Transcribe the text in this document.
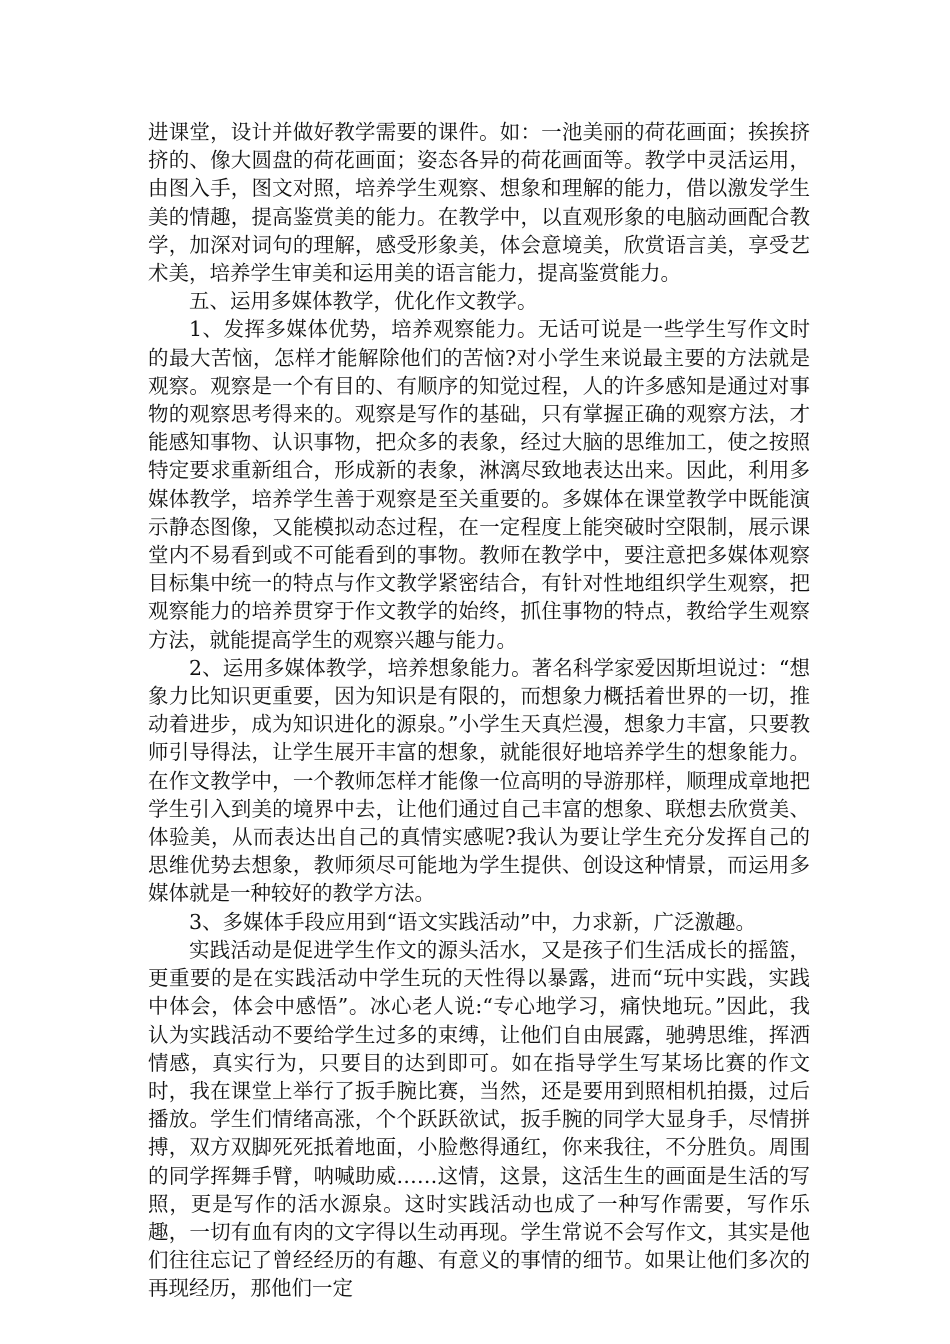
进课堂，设计并做好教学需要的课件。如：一池美丽的荷花画面；挨挨挤挤的、像大圆盘的荷花画面；姿态各异的荷花画面等。教学中灵活运用，由图入手，图文对照，培养学生观察、想象和理解的能力，借以激发学生美的情趣，提高鉴赏美的能力。在教学中，以直观形象的电脑动画配合教学，加深对词句的理解，感受形象美，体会意境美，欣赏语言美，享受艺术美，培养学生审美和运用美的语言能力，提高鉴赏能力。

五、运用多媒体教学，优化作文教学。

1、发挥多媒体优势，培养观察能力。无话可说是一些学生写作文时的最大苦恼，怎样才能解除他们的苦恼?对小学生来说最主要的方法就是观察。观察是一个有目的、有顺序的知觉过程，人的许多感知是通过对事物的观察思考得来的。观察是写作的基础，只有掌握正确的观察方法，才能感知事物、认识事物，把众多的表象，经过大脑的思维加工，使之按照特定要求重新组合，形成新的表象，淋漓尽致地表达出来。因此，利用多媒体教学，培养学生善于观察是至关重要的。多媒体在课堂教学中既能演示静态图像，又能模拟动态过程，在一定程度上能突破时空限制，展示课堂内不易看到或不可能看到的事物。教师在教学中，要注意把多媒体观察目标集中统一的特点与作文教学紧密结合，有针对性地组织学生观察，把观察能力的培养贯穿于作文教学的始终，抓住事物的特点，教给学生观察方法，就能提高学生的观察兴趣与能力。

2、运用多媒体教学，培养想象能力。著名科学家爱因斯坦说过：“想象力比知识更重要，因为知识是有限的，而想象力概括着世界的一切，推动着进步，成为知识进化的源泉。”小学生天真烂漫，想象力丰富，只要教师引导得法，让学生展开丰富的想象，就能很好地培养学生的想象能力。在作文教学中，一个教师怎样才能像一位高明的导游那样，顺理成章地把学生引入到美的境界中去，让他们通过自己丰富的想象、联想去欣赏美、体验美，从而表达出自己的真情实感呢?我认为要让学生充分发挥自己的思维优势去想象，教师须尽可能地为学生提供、创设这种情景，而运用多媒体就是一种较好的教学方法。

3、多媒体手段应用到“语文实践活动”中，力求新，广泛激趣。

实践活动是促进学生作文的源头活水，又是孩子们生活成长的摇篮，更重要的是在实践活动中学生玩的天性得以暴露，进而“玩中实践，实践中体会，体会中感悟”。冰心老人说:“专心地学习，痛快地玩。”因此，我认为实践活动不要给学生过多的束缚，让他们自由展露，驰骋思维，挥洒情感，真实行为，只要目的达到即可。如在指导学生写某场比赛的作文时，我在课堂上举行了扳手腕比赛，当然，还是要用到照相机拍摄，过后播放。学生们情绪高涨，个个跃跃欲试，扳手腕的同学大显身手，尽情拼搏，双方双脚死死抵着地面，小脸憋得通红，你来我往，不分胜负。周围的同学挥舞手臂，呐喊助威……这情，这景，这活生生的画面是生活的写照，更是写作的活水源泉。这时实践活动也成了一种写作需要，写作乐趣，一切有血有肉的文字得以生动再现。学生常说不会写作文，其实是他们往往忘记了曾经经历的有趣、有意义的事情的细节。如果让他们多次的再现经历，那他们一定
